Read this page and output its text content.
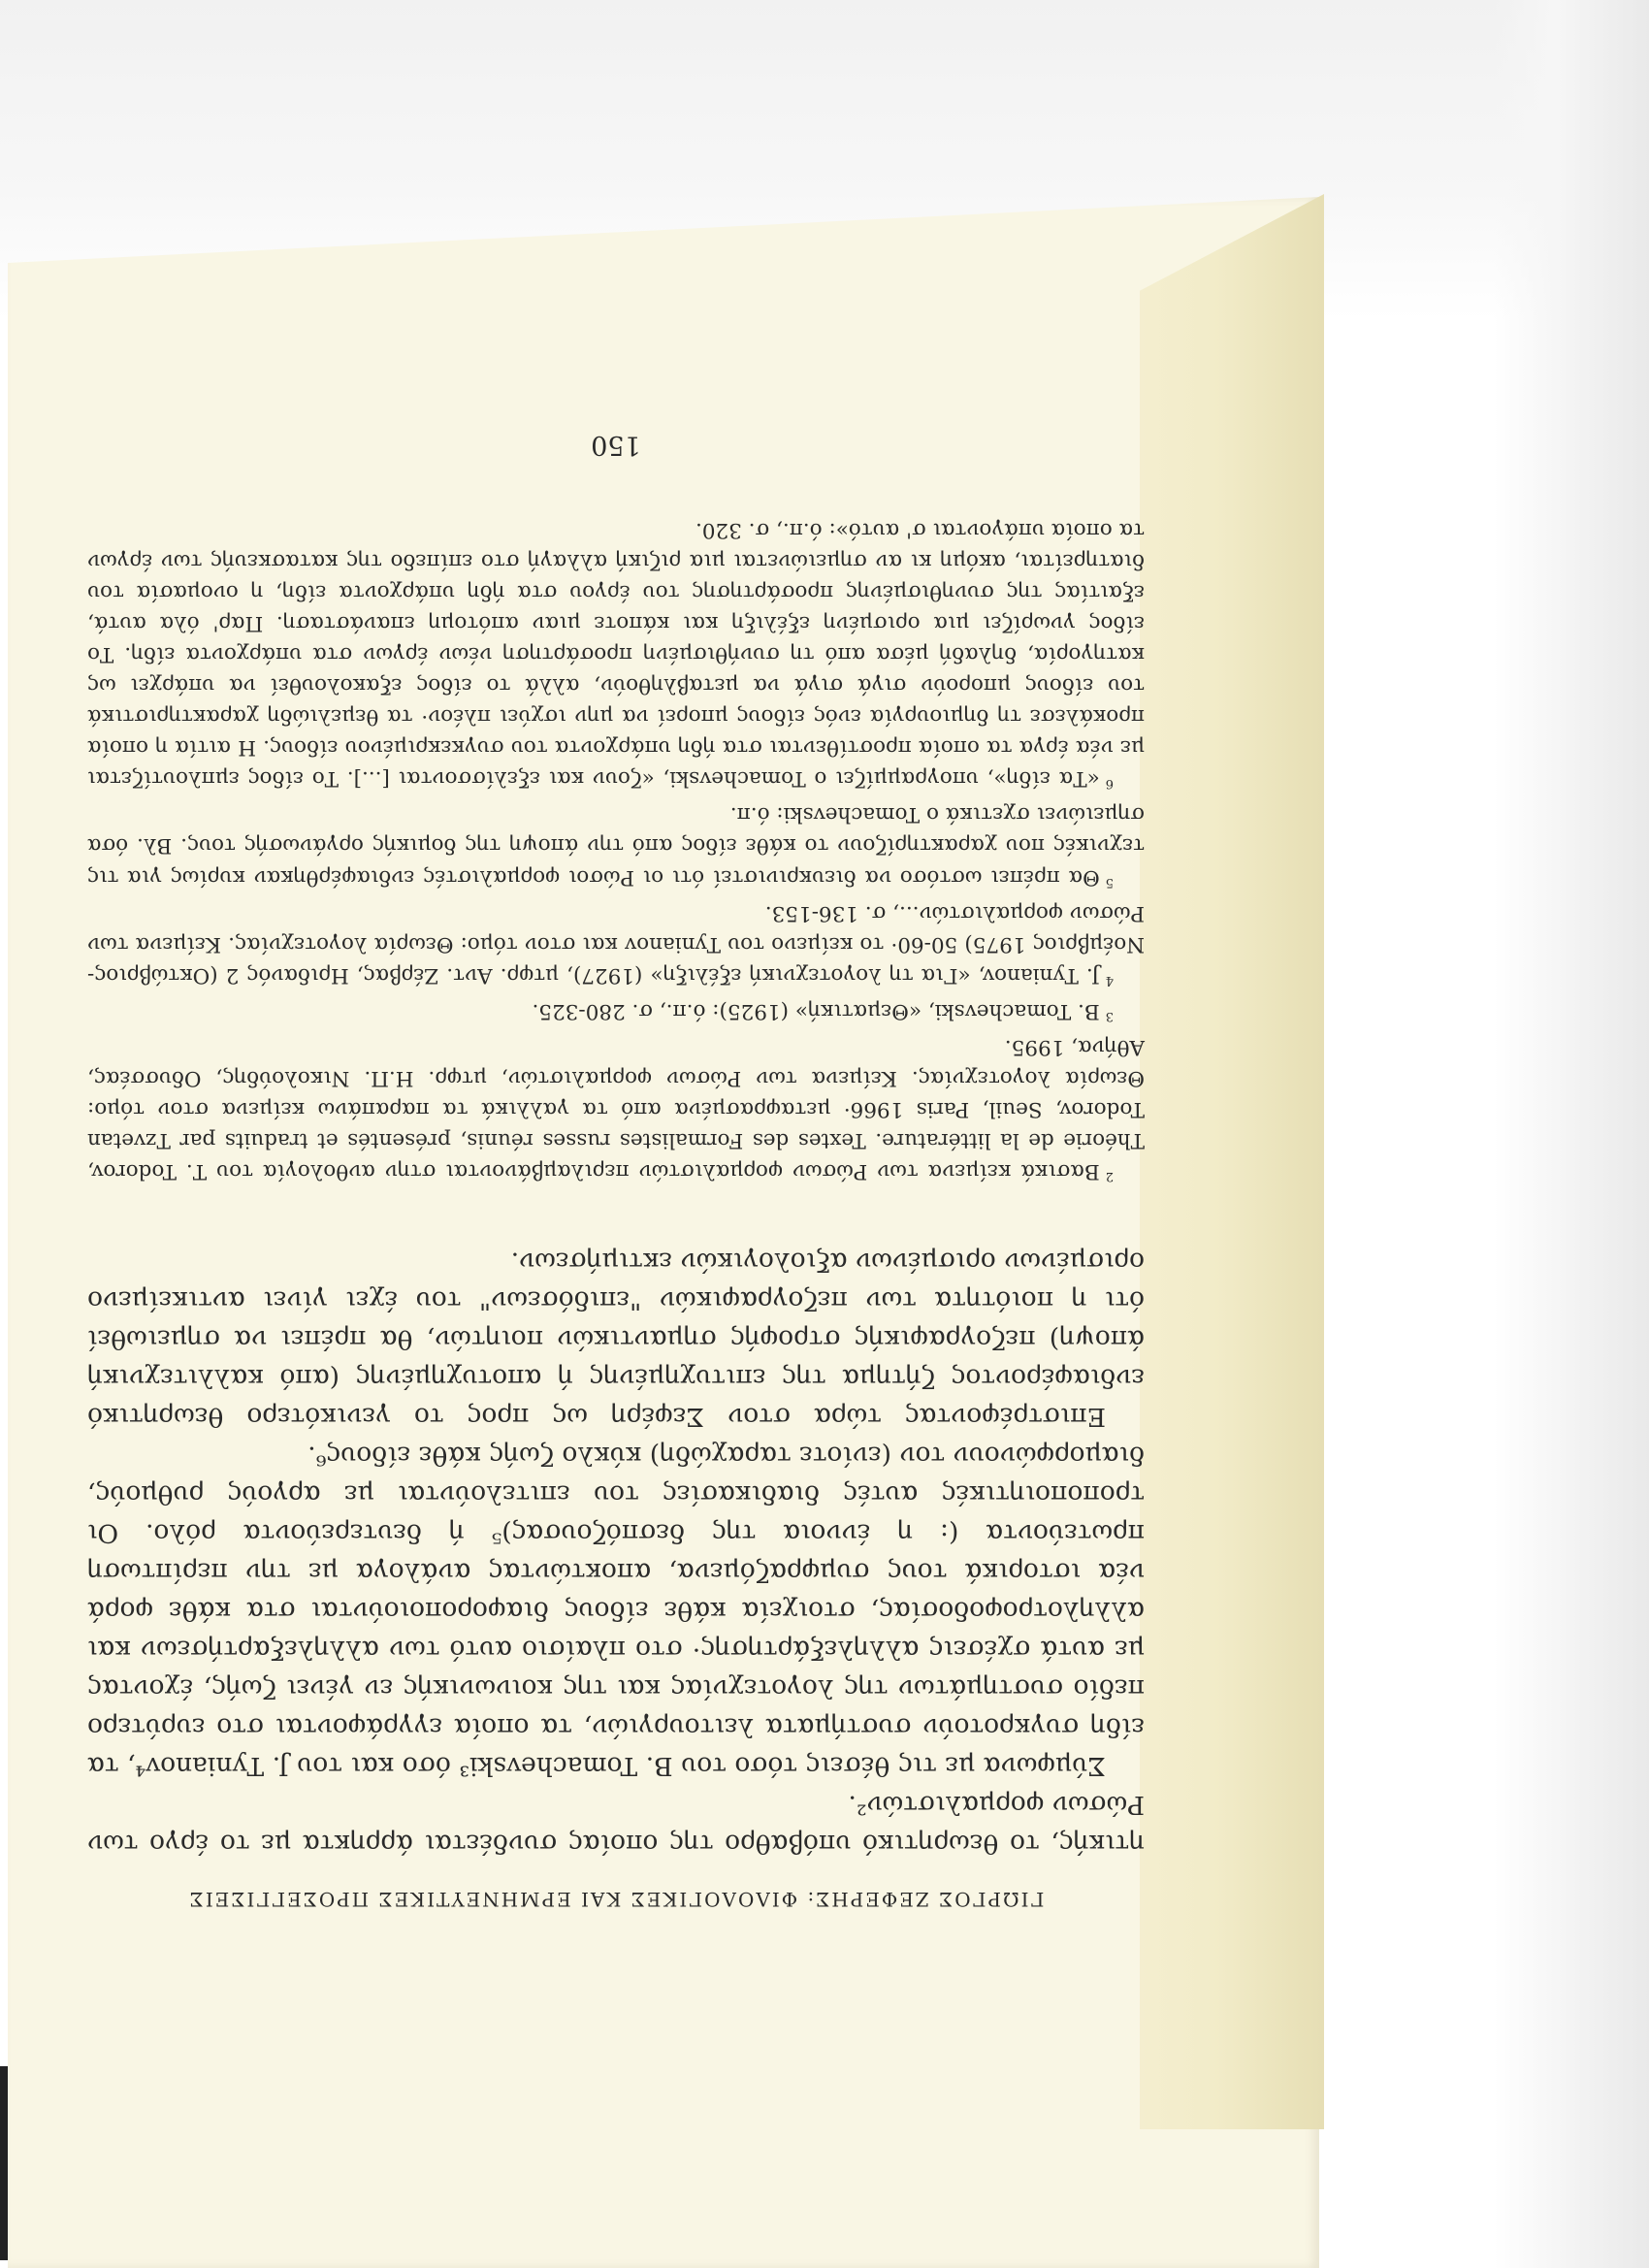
ΓΙΩΡΓΟΣ ΖΕΦΕΡΗΣ: ΦΙΛΟΛΟΓΙΚΕΣ ΚΑΙ ΕΡΜΗΝΕΥΤΙΚΕΣ ΠΡΟΣΕΓΓΙΣΕΙΣ

ητικής, το θεωρητικό υπόβαθρο της οποίας συνδέεται άρρηκτα με το έργο των Ρώσων φορμαλιστών².

Σύμφωνα με τις θέσεις τόσο του Β. Tomachevski³ όσο και του J. Tynianov⁴, τα είδη συγκροτούν συστήματα λειτουργιών, τα οποία εγγράφονται στο ευρύτερο πεδίο συστημάτων της λογοτεχνίας και της κοινωνικής εν γένει ζωής, έχοντας με αυτά σχέσεις αλληλεξάρτησης· στο πλαίσιο αυτό των αλληλεξαρτήσεων και αλληλοτροφοδοσίας, στοιχεία κάθε είδους διαφοροποιούνται στα κάθε φορά νέα ιστορικά τους συμφραζόμενα, αποκτώντας ανάλογα με την περίπτωση πρωτεύοντα (: η έννοια της δεσπόζουσας)⁵ ή δευτερεύοντα ρόλο. Οι τροποποιητικές αυτές διαδικασίες του επιτελούνται με αργούς ρυθμούς, διαμορφώνουν τον (ενίοτε ταραχώδη) κύκλο ζωής κάθε είδους⁶.

Επιστρέφοντας τώρα στον Σεφέρη ως προς το γενικότερο θεωρητικό ενδιαφέροντος ζήτημα της επιτυχημένης ή αποτυχημένης (από καλλιτεχνική άποψη) πεζογραφικής στροφής σημαντικών ποιητών, θα πρέπει να σημειωθεί ότι η ποιότητα των πεζογραφικών "επιδόσεων" του έχει γίνει αντικείμενο ορισμένων ορισμένων αξιολογικών εκτιμήσεων.

$^2$Βασικά κείμενα των Ρώσων φορμαλιστών περιλαμβάνονται στην ανθολογία του Τ. Todorov, Théorie de la littérature. Textes des Formalistes russes réunis, présentés et traduits par Tzvetan Todorov, Seuil, Paris 1966· μεταφρασμένα από τα γαλλικά τα παραπάνω κείμενα στον τόμο: Θεωρία λογοτεχνίας. Κείμενα των Ρώσων φορμαλιστών, μτφρ. Η.Π. Νικολούδης, Οδυσσέας, Αθήνα, 1995.

$^3$Β. Tomachevski, «Θεματική» (1925): ό.π., σ. 280-325.

$^4$J. Tynianov, «Για τη λογοτεχνική εξέλιξη» (1927), μτφρ. Αντ. Ζέρβας, Ηριδανός 2 (Οκτώβριος-Νοέμβριος 1975) 50-60· το κείμενο του Tynianov και στον τόμο: Θεωρία λογοτεχνίας. Κείμενα των Ρώσων φορμαλιστών..., σ. 136-153.

$^5$Θα πρέπει ωστόσο να διευκρινιστεί ότι οι Ρώσοι φορμαλιστές ενδιαφέρθηκαν κυρίως για τις τεχνικές που χαρακτηρίζουν το κάθε είδος από την άποψη της δομικής οργάνωσής τους. Βλ. όσα σημειώνει σχετικά ο Tomachevski: ό.π.

$^6$«Τα είδη», υπογραμμίζει ο Tomachevski, «ζουν και εξελίσσονται [...]. Το είδος εμπλουτίζεται με νέα έργα τα οποία προστίθενται στα ήδη υπάρχοντα του συγκεκριμένου είδους. Η αιτία η οποία προκάλεσε τη δημιουργία ενός είδους μπορεί να μην ισχύει πλέον· τα θεμελιώδη χαρακτηριστικά του είδους μπορούν σιγά σιγά να μεταβληθούν, αλλά το είδος εξακολουθεί να υπάρχει ως κατηγορία, δηλαδή μέσα από τη συνήθισμένη προσάρτηση νέων έργων στα υπάρχοντα είδη. Το είδος γνωρίζει μια ορισμένη εξέλιξη και κάποτε μιαν απότομη επανάσταση. Παρ' όλα αυτά, εξαιτίας της συνηθισμένης προσάρτησης του έργου στα ήδη υπάρχοντα είδη, η ονομασία του διατηρείται, ακόμη κι αν σημειώνεται μια ριζική αλλαγή στο επίπεδο της κατασκευής των έργων τα οποία υπάγονται σ' αυτό»: ό.π., σ. 320.

150
